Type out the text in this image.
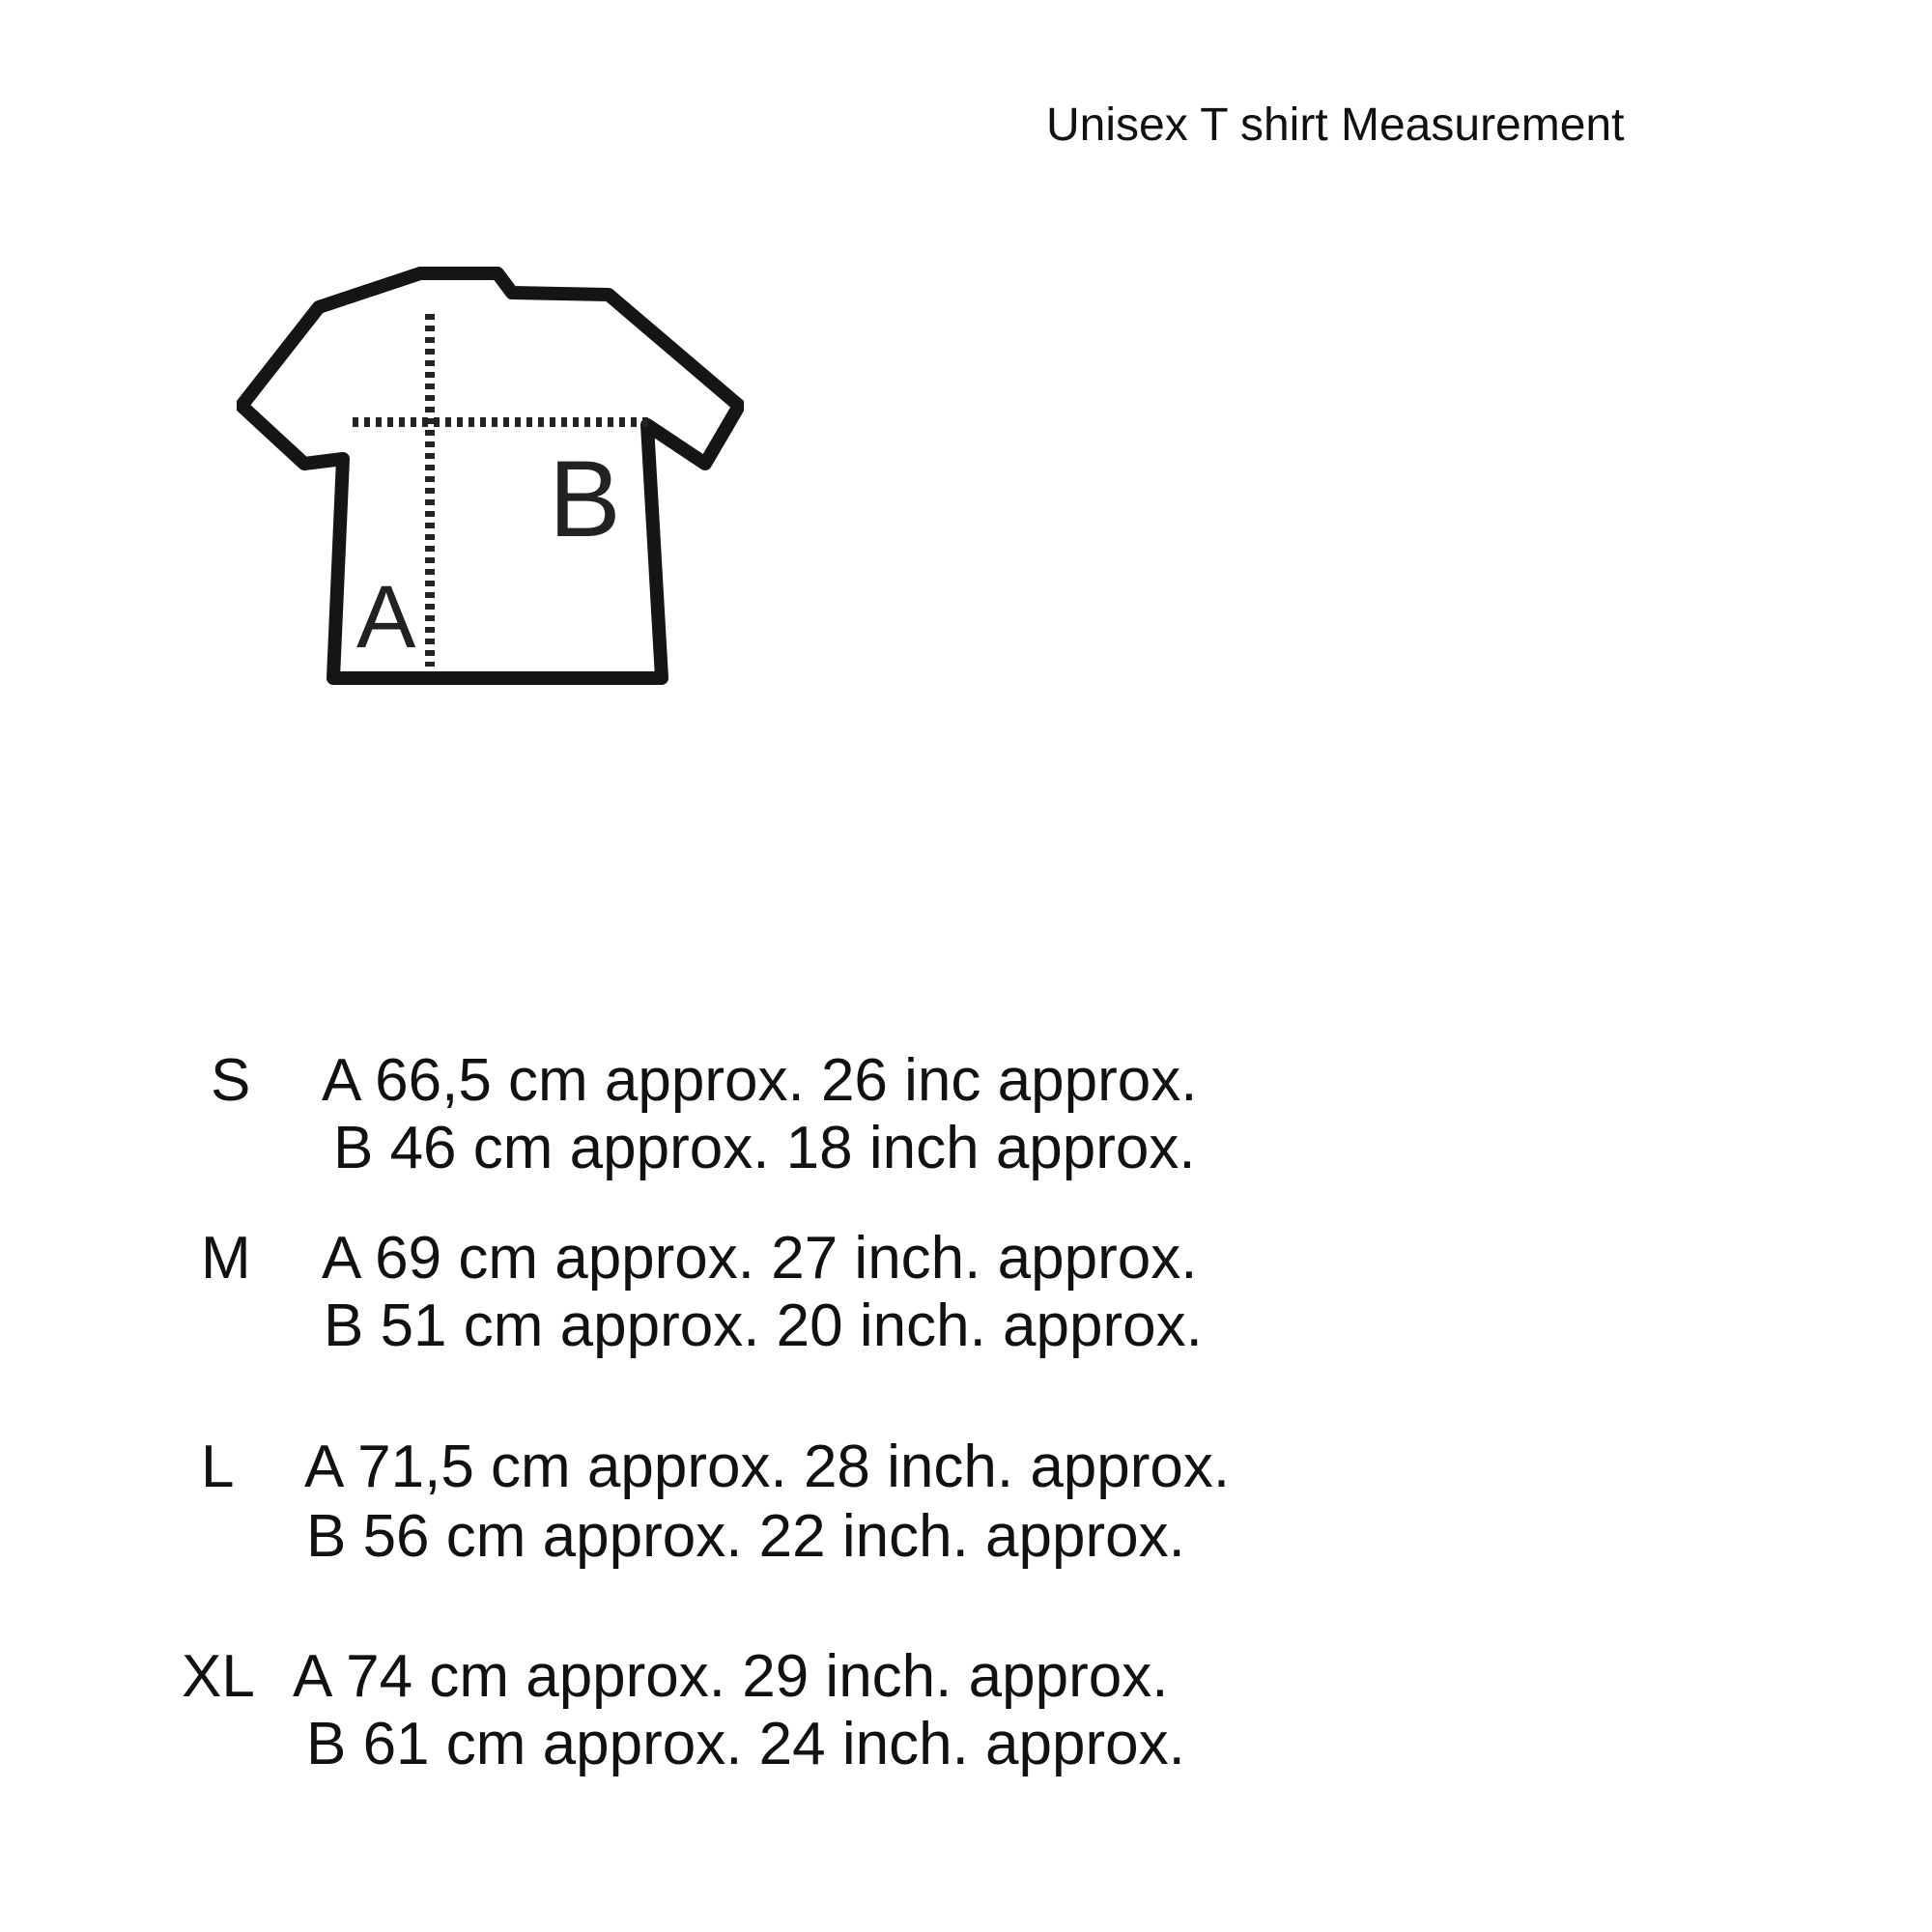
Unisex T shirt Measurement
A
B
S A 66,5 cm approx. 26 inc approx.
B 46 cm approx. 18 inch approx.
M A 69 cm approx. 27 inch. approx.
B 51 cm approx. 20 inch. approx.
L A 71,5 cm approx. 28 inch. approx.
B 56 cm approx. 22 inch. approx.
XL A 74 cm approx. 29 inch. approx.
B 61 cm approx. 24 inch. approx.
